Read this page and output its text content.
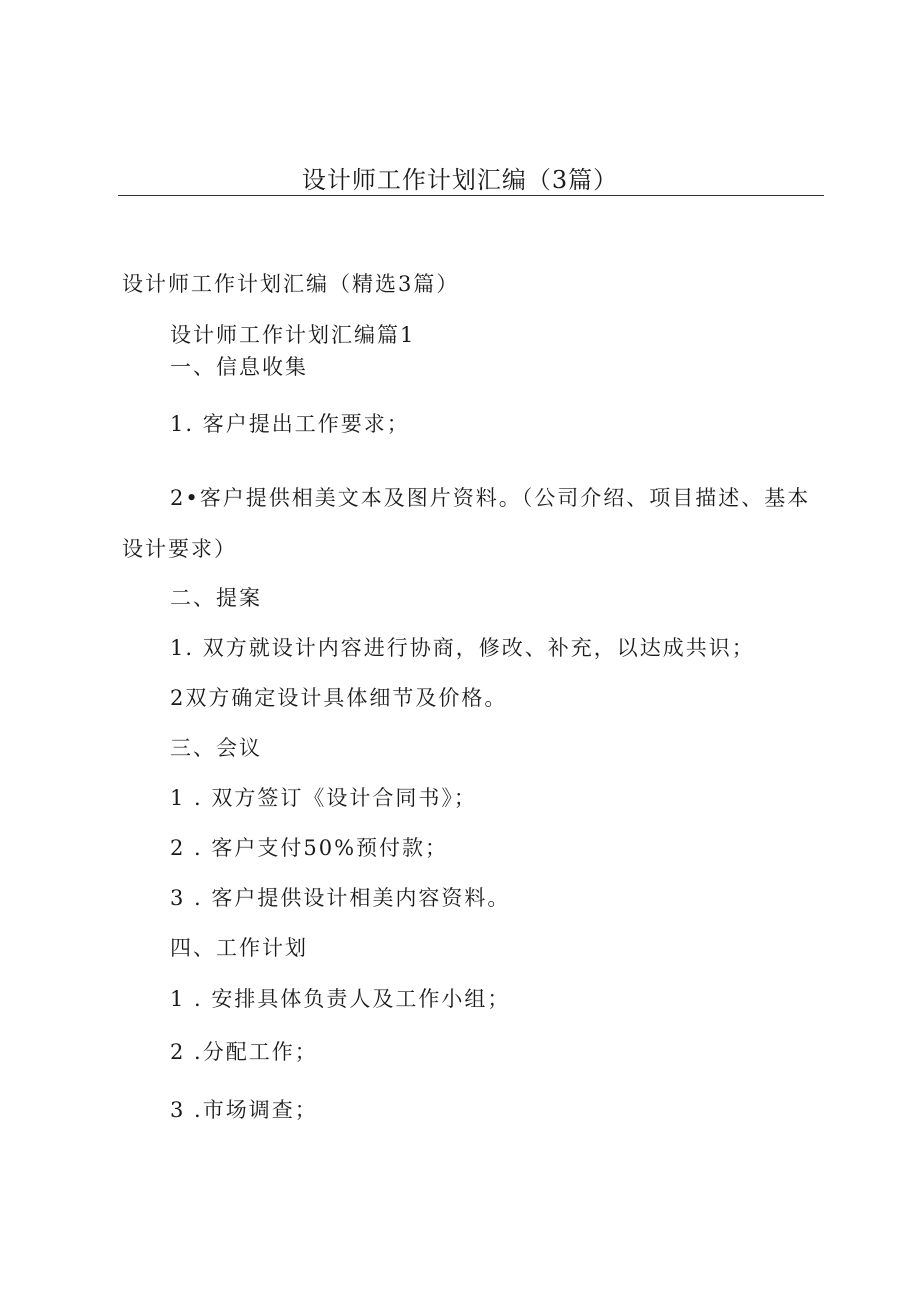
设计师工作计划汇编（3篇）
设计师工作计划汇编（精选3篇）
设计师工作计划汇编篇1
一、信息收集
1. 客户提出工作要求；
2•客户提供相美文本及图片资料。（公司介绍、项目描述、基本
设计要求）
二、提案
1. 双方就设计内容进行协商，修改、补充，以达成共识；
2双方确定设计具体细节及价格。
三、会议
1 . 双方签订《设计合同书》；
2 . 客户支付50%预付款；
3 . 客户提供设计相美内容资料。
四、工作计划
1 . 安排具体负责人及工作小组；
2 .分配工作；
3 .市场调查；
